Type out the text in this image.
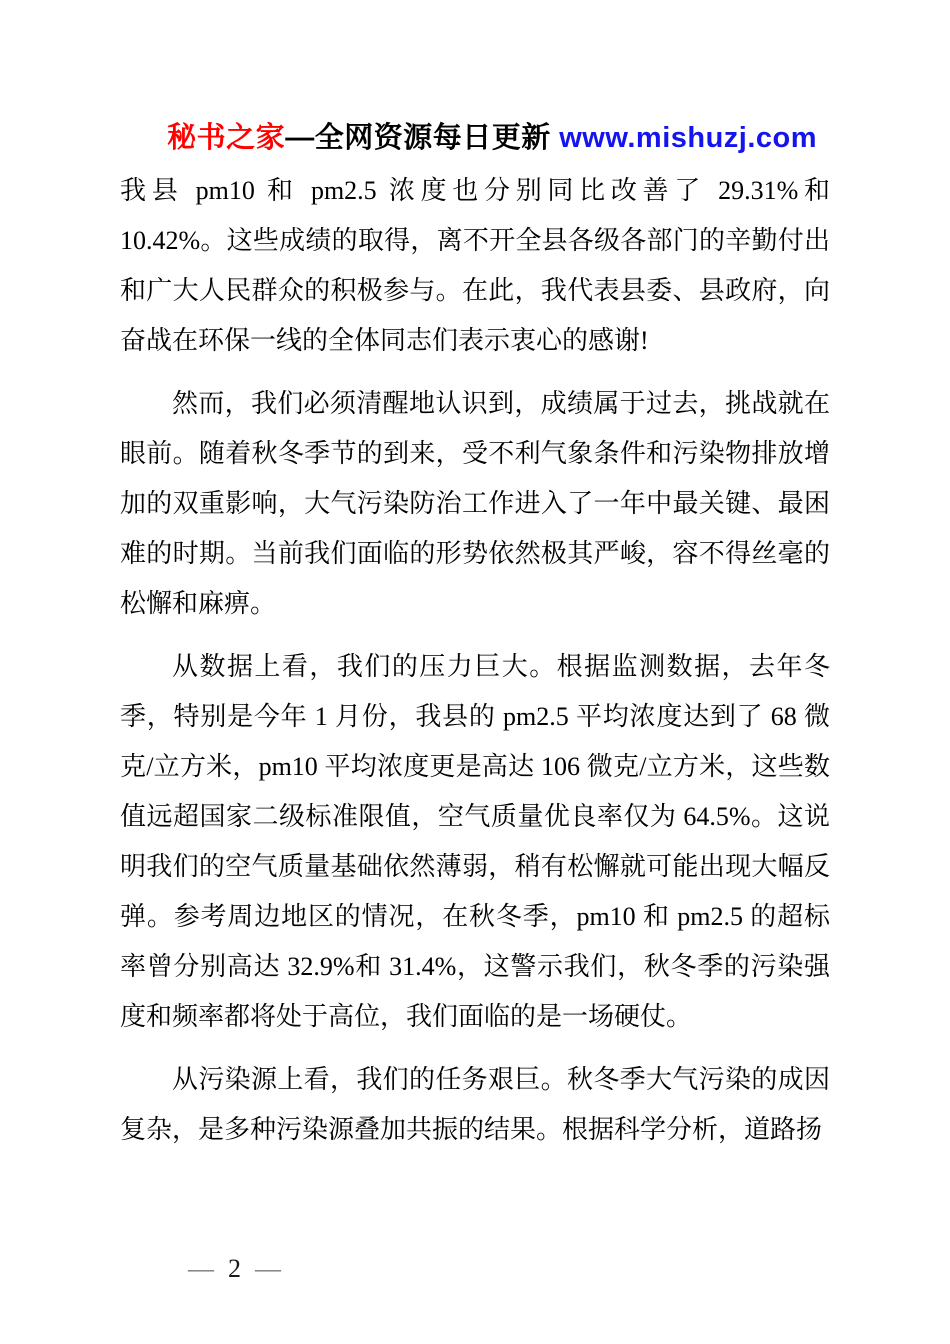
秘书之家—全网资源每日更新 www.mishuzj.com

我县 pm10 和 pm2.5 浓度也分别同比改善了 29.31%和 10.42%。这些成绩的取得，离不开全县各级各部门的辛勤付出和广大人民群众的积极参与。在此，我代表县委、县政府，向奋战在环保一线的全体同志们表示衷心的感谢!

然而，我们必须清醒地认识到，成绩属于过去，挑战就在眼前。随着秋冬季节的到来，受不利气象条件和污染物排放增加的双重影响，大气污染防治工作进入了一年中最关键、最困难的时期。当前我们面临的形势依然极其严峻，容不得丝毫的松懈和麻痹。

从数据上看，我们的压力巨大。根据监测数据，去年冬季，特别是今年 1 月份，我县的 pm2.5 平均浓度达到了 68 微克/立方米，pm10 平均浓度更是高达 106 微克/立方米，这些数值远超国家二级标准限值，空气质量优良率仅为 64.5%。这说明我们的空气质量基础依然薄弱，稍有松懈就可能出现大幅反弹。参考周边地区的情况，在秋冬季，pm10 和 pm2.5 的超标率曾分别高达 32.9%和 31.4%，这警示我们，秋冬季的污染强度和频率都将处于高位，我们面临的是一场硬仗。

从污染源上看，我们的任务艰巨。秋冬季大气污染的成因复杂，是多种污染源叠加共振的结果。根据科学分析，道路扬

— 2 —
